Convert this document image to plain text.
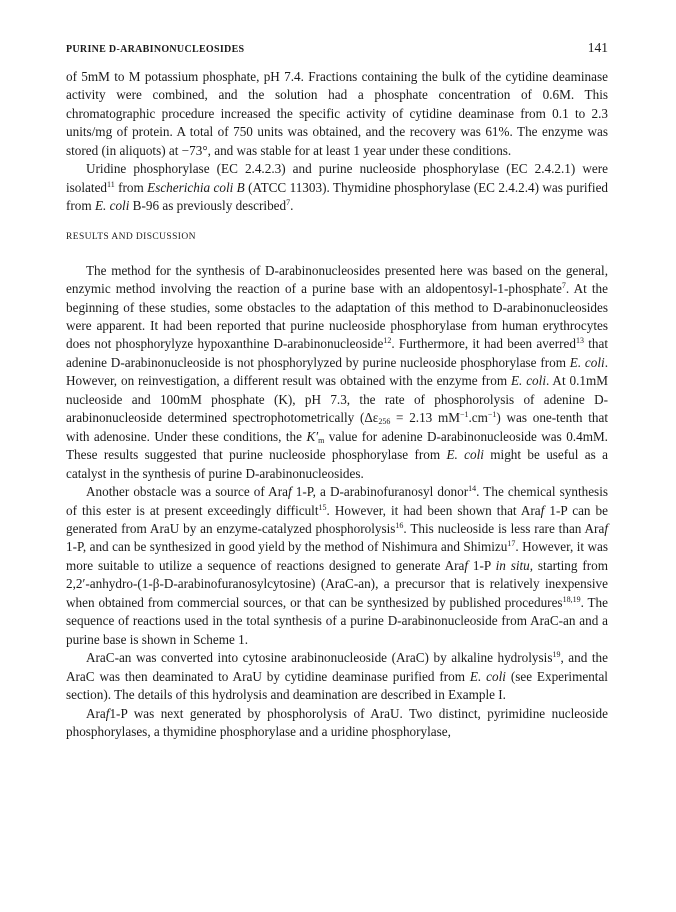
PURINE D-ARABINONUCLEOSIDES	141

of 5mM to M potassium phosphate, pH 7.4. Fractions containing the bulk of the cytidine deaminase activity were combined, and the solution had a phosphate concentration of 0.6M. This chromatographic procedure increased the specific activity of cytidine deaminase from 0.1 to 2.3 units/mg of protein. A total of 750 units was obtained, and the recovery was 61%. The enzyme was stored (in aliquots) at −73°, and was stable for at least 1 year under these conditions.

Uridine phosphorylase (EC 2.4.2.3) and purine nucleoside phosphorylase (EC 2.4.2.1) were isolated$^{11}$ from Escherichia coli B (ATCC 11303). Thymidine phosphorylase (EC 2.4.2.4) was purified from E. coli B-96 as previously described$^7$.

RESULTS AND DISCUSSION

The method for the synthesis of D-arabinonucleosides presented here was based on the general, enzymic method involving the reaction of a purine base with an aldopentosyl-1-phosphate$^7$. At the beginning of these studies, some obstacles to the adaptation of this method to D-arabinonucleosides were apparent. It had been reported that purine nucleoside phosphorylase from human erythrocytes does not phosphorylyze hypoxanthine D-arabinonucleoside$^{12}$. Furthermore, it had been averred$^{13}$ that adenine D-arabinonucleoside is not phosphorylyzed by purine nucleoside phosphorylase from E. coli. However, on reinvestigation, a different result was obtained with the enzyme from E. coli. At 0.1mM nucleoside and 100mM phosphate (K), pH 7.3, the rate of phosphorolysis of adenine D-arabinonucleoside determined spectrophotometrically ($\Delta\varepsilon_{256} = 2.13$ $mM^{-1}.cm^{-1}$) was one-tenth that with adenosine. Under these conditions, the $K'_m$ value for adenine D-arabinonucleoside was 0.4mM. These results suggested that purine nucleoside phosphorylase from E. coli might be useful as a catalyst in the synthesis of purine D-arabinonucleosides.

Another obstacle was a source of Araf 1-P, a D-arabinofuranosyl donor$^{14}$. The chemical synthesis of this ester is at present exceedingly difficult$^{15}$. However, it had been shown that Araf 1-P can be generated from AraU by an enzyme-catalyzed phosphorolysis$^{16}$. This nucleoside is less rare than Araf 1-P, and can be synthesized in good yield by the method of Nishimura and Shimizu$^{17}$. However, it was more suitable to utilize a sequence of reactions designed to generate Araf 1-P in situ, starting from 2,2′-anhydro-(1-β-D-arabinofuranosylcytosine) (AraC-an), a precursor that is relatively inexpensive when obtained from commercial sources, or that can be synthesized by published procedures$^{18,19}$. The sequence of reactions used in the total synthesis of a purine D-arabinonucleoside from AraC-an and a purine base is shown in Scheme 1.

AraC-an was converted into cytosine arabinonucleoside (AraC) by alkaline hydrolysis$^{19}$, and the AraC was then deaminated to AraU by cytidine deaminase purified from E. coli (see Experimental section). The details of this hydrolysis and deamination are described in Example I.

Araf1-P was next generated by phosphorolysis of AraU. Two distinct, pyrimidine nucleoside phosphorylases, a thymidine phosphorylase and a uridine phosphorylase,
